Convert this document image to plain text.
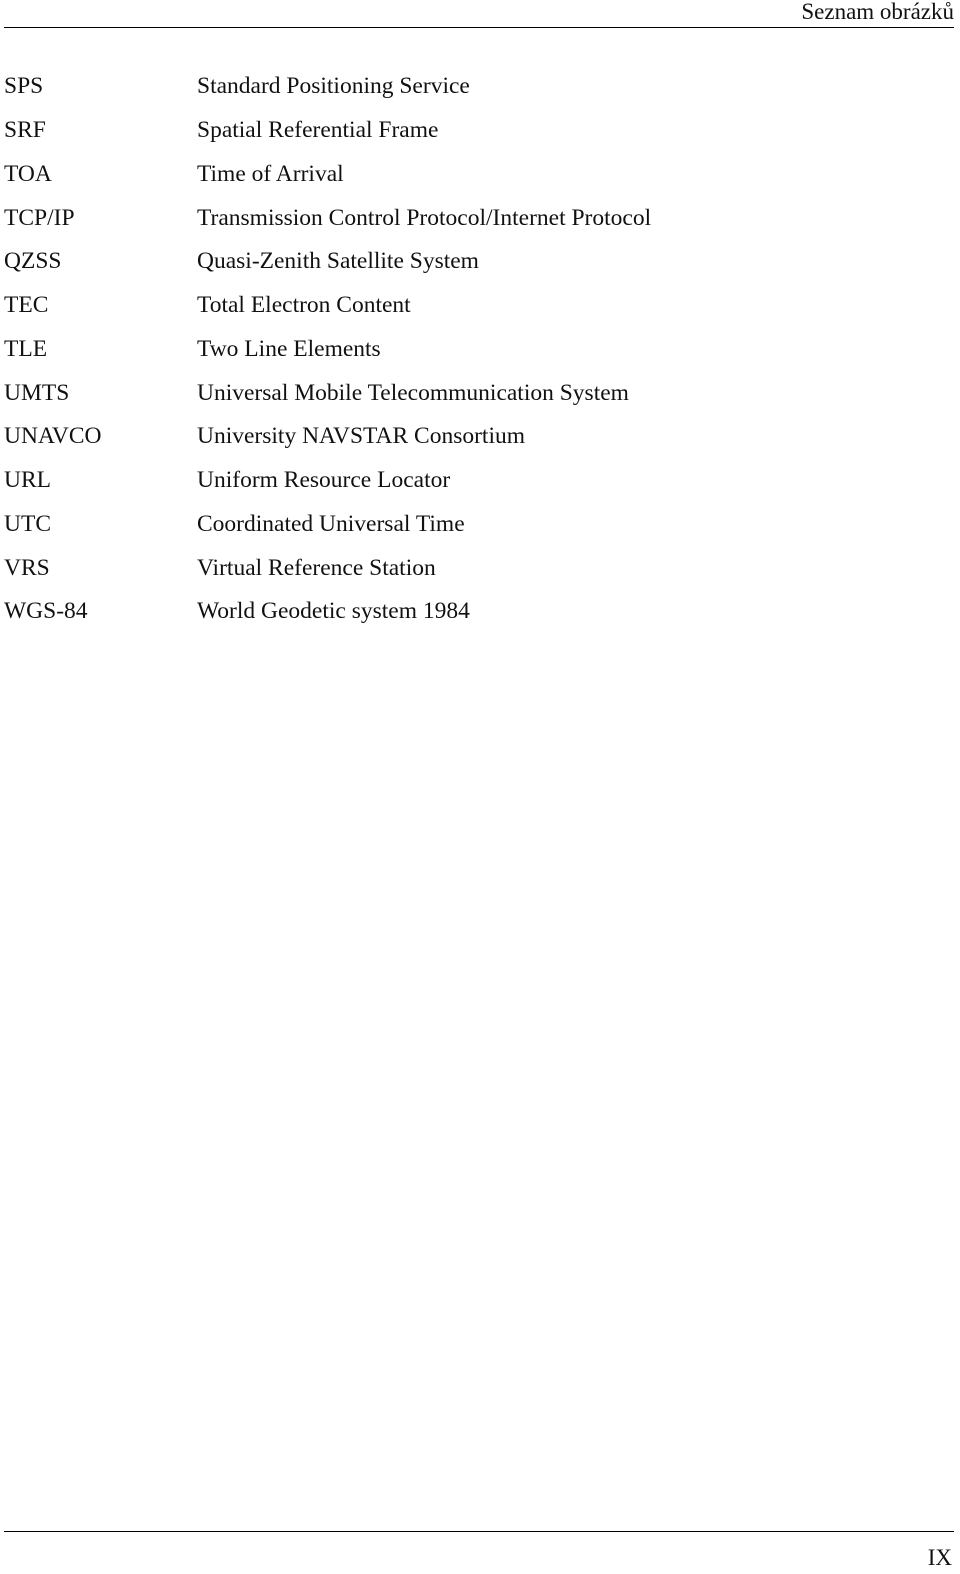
Seznam obrázků
SPS	Standard Positioning Service
SRF	Spatial Referential Frame
TOA	Time of Arrival
TCP/IP	Transmission Control Protocol/Internet Protocol
QZSS	Quasi-Zenith Satellite System
TEC	Total Electron Content
TLE	Two Line Elements
UMTS	Universal Mobile Telecommunication System
UNAVCO	University NAVSTAR Consortium
URL	Uniform Resource Locator
UTC	Coordinated Universal Time
VRS	Virtual Reference Station
WGS-84	World Geodetic system 1984
IX
